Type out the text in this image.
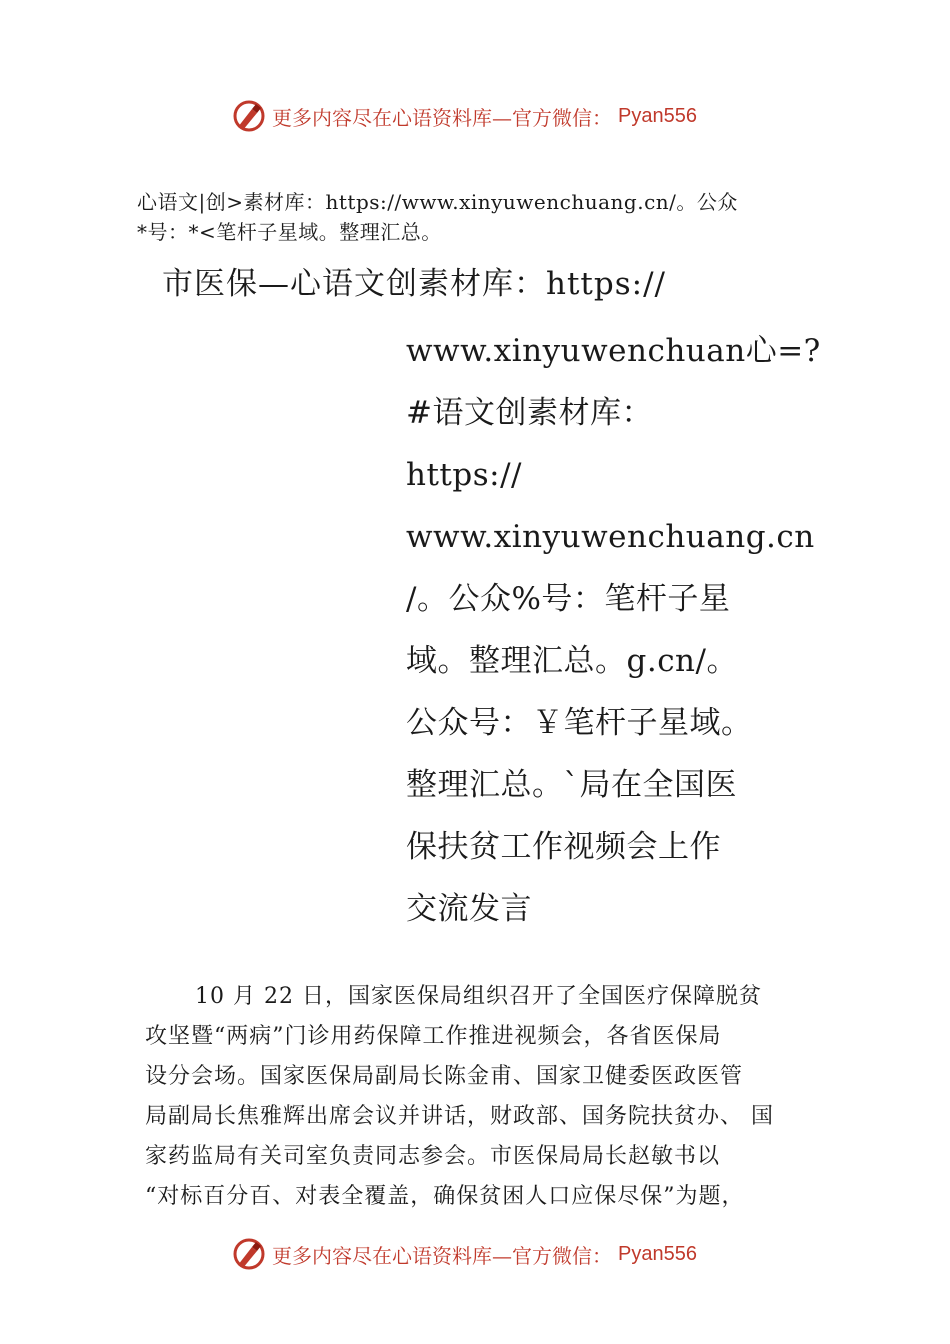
更多内容尽在心语资料库—官方微信： Pyan556
心语文|创>素材库：https://www.xinyuwenchuang.cn/。公众
*号：*<笔杆子星域。整理汇总。
市医保—心语文创素材库：https://
www.xinyuwenchuan心=?
#语文创素材库：
https://
www.xinyuwenchuang.cn
/。公众%号：笔杆子星
域。整理汇总。g.cn/。
公众号：￥笔杆子星域。
整理汇总。`局在全国医
保扶贫工作视频会上作
交流发言
10 月 22 日，国家医保局组织召开了全国医疗保障脱贫
攻坚暨“两病”门诊用药保障工作推进视频会，各省医保局
设分会场。国家医保局副局长陈金甫、国家卫健委医政医管
局副局长焦雅辉出席会议并讲话，财政部、国务院扶贫办、 国
家药监局有关司室负责同志参会。市医保局局长赵敏书以
“对标百分百、对表全覆盖，确保贫困人口应保尽保”为题，
更多内容尽在心语资料库—官方微信： Pyan556
